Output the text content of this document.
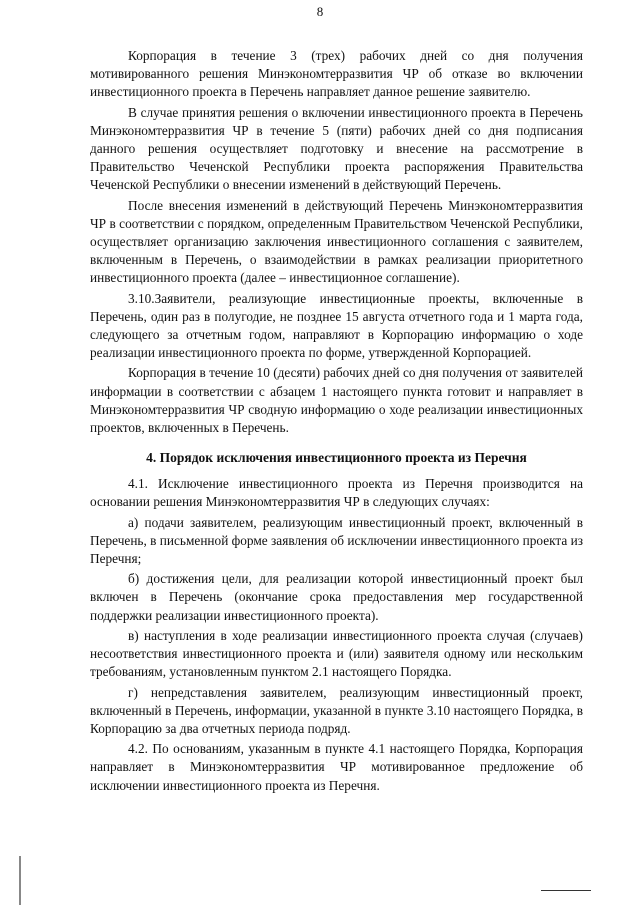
8

Корпорация в течение 3 (трех) рабочих дней со дня получения мотивированного решения Минэкономтерразвития ЧР об отказе во включении инвестиционного проекта в Перечень направляет данное решение заявителю.

В случае принятия решения о включении инвестиционного проекта в Перечень Минэкономтерразвития ЧР в течение 5 (пяти) рабочих дней со дня подписания данного решения осуществляет подготовку и внесение на рассмотрение в Правительство Чеченской Республики проекта распоряжения Правительства Чеченской Республики о внесении изменений в действующий Перечень.

После внесения изменений в действующий Перечень Минэкономтерразвития ЧР в соответствии с порядком, определенным Правительством Чеченской Республики, осуществляет организацию заключения инвестиционного соглашения с заявителем, включенным в Перечень, о взаимодействии в рамках реализации приоритетного инвестиционного проекта (далее – инвестиционное соглашение).

3.10.Заявители, реализующие инвестиционные проекты, включенные в Перечень, один раз в полугодие, не позднее 15 августа отчетного года и 1 марта года, следующего за отчетным годом, направляют в Корпорацию информацию о ходе реализации инвестиционного проекта по форме, утвержденной Корпорацией.

Корпорация в течение 10 (десяти) рабочих дней со дня получения от заявителей информации в соответствии с абзацем 1 настоящего пункта готовит и направляет в Минэкономтерразвития ЧР сводную информацию о ходе реализации инвестиционных проектов, включенных в Перечень.

4. Порядок исключения инвестиционного проекта из Перечня

4.1. Исключение инвестиционного проекта из Перечня производится на основании решения Минэкономтерразвития ЧР в следующих случаях:

а) подачи заявителем, реализующим инвестиционный проект, включенный в Перечень, в письменной форме заявления об исключении инвестиционного проекта из Перечня;

б) достижения цели, для реализации которой инвестиционный проект был включен в Перечень (окончание срока предоставления мер государственной поддержки реализации инвестиционного проекта).

в) наступления в ходе реализации инвестиционного проекта случая (случаев) несоответствия инвестиционного проекта и (или) заявителя одному или нескольким требованиям, установленным пунктом 2.1 настоящего Порядка.

г) непредставления заявителем, реализующим инвестиционный проект, включенный в Перечень, информации, указанной в пункте 3.10 настоящего Порядка, в Корпорацию за два отчетных периода подряд.

4.2. По основаниям, указанным в пункте 4.1 настоящего Порядка, Корпорация направляет в Минэкономтерразвития ЧР мотивированное предложение об исключении инвестиционного проекта из Перечня.
